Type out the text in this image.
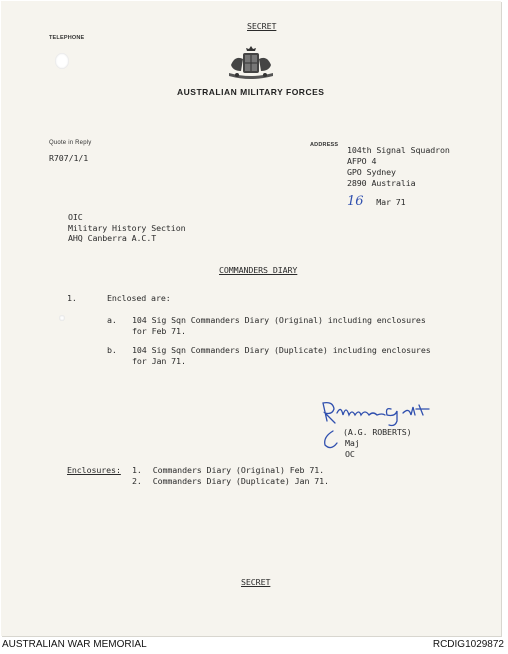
SECRET
TELEPHONE
AUSTRALIAN MILITARY FORCES
Quote in Reply
R707/1/1
ADDRESS 104th Signal Squadron
AFPO 4
GPO Sydney
2890 Australia
16 Mar 71
OIC
Military History Section
AHQ Canberra A.C.T
COMMANDERS DIARY
1.	Enclosed are:
a. 104 Sig Sqn Commanders Diary (Original) including enclosures
for Feb 71.
b. 104 Sig Sqn Commanders Diary (Duplicate) including enclosures
for Jan 71.
(A.G. ROBERTS)
Maj
OC
Enclosures: 1. Commanders Diary (Original) Feb 71.
2. Commanders Diary (Duplicate) Jan 71.
SECRET
AUSTRALIAN WAR MEMORIAL	RCDIG1029872
